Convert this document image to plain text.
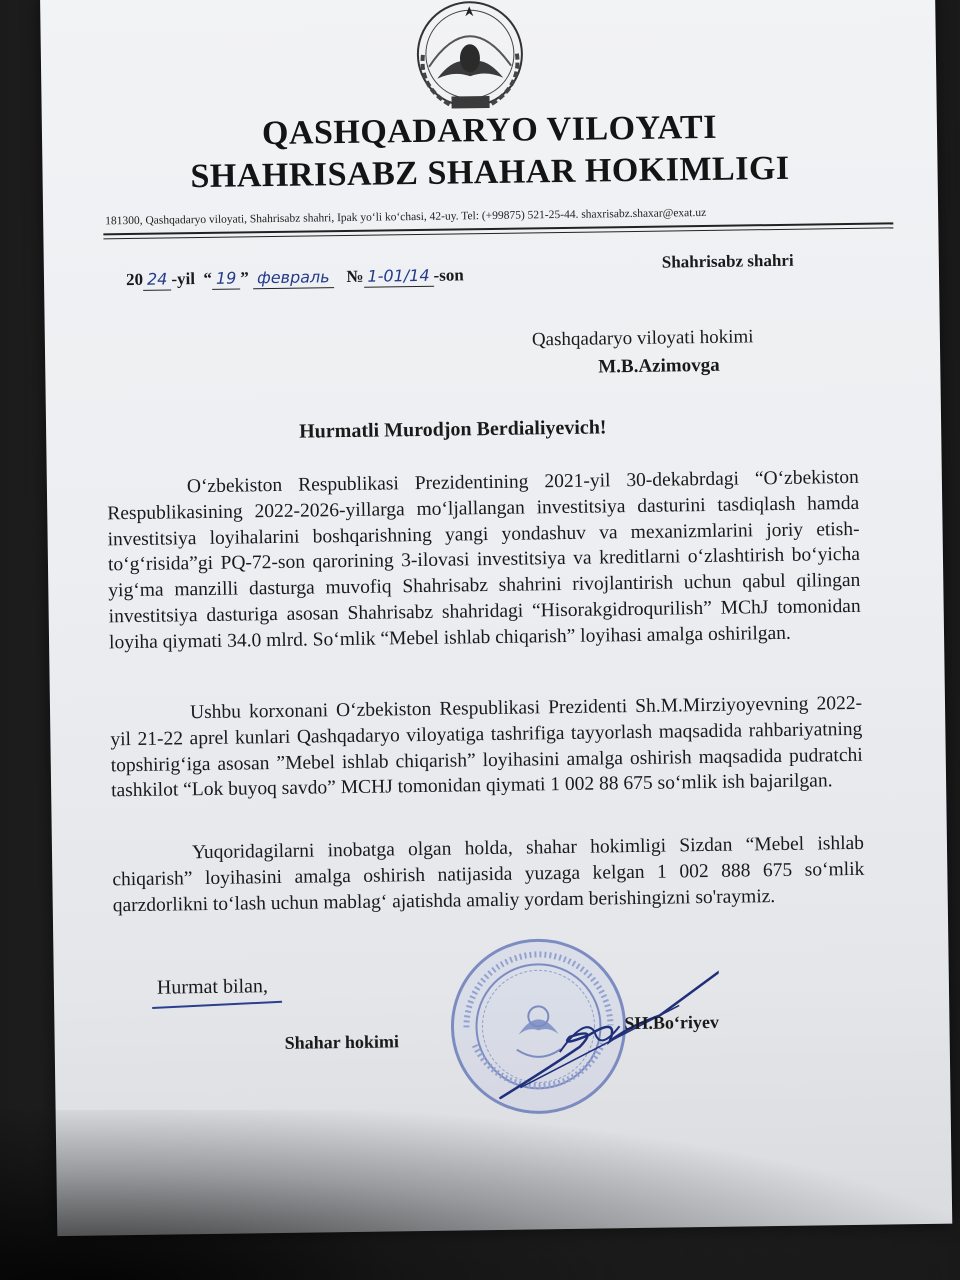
QASHQADARYO VILOYATI
SHAHRISABZ SHAHAR HOKIMLIGI
181300, Qashqadaryo viloyati, Shahrisabz shahri, Ipak yo‘li ko‘chasi, 42-uy. Tel: (+99875) 521-25-44. shaxrisabz.shaxar@exat.uz
20 24 -yil “ 19 ” февраль № 1-01/14 -son
Shahrisabz shahri
Qashqadaryo viloyati hokimi
M.B.Azimovga
Hurmatli Murodjon Berdialiyevich!
O‘zbekiston Respublikasi Prezidentining 2021-yil 30-dekabrdagi “O‘zbekiston Respublikasining 2022-2026-yillarga mo‘ljallangan investitsiya dasturini tasdiqlash hamda investitsiya loyihalarini boshqarishning yangi yondashuv va mexanizmlarini joriy etish-to‘g‘risida”gi PQ-72-son qarorining 3-ilovasi investitsiya va kreditlarni o‘zlashtirish bo‘yicha yig‘ma manzilli dasturga muvofiq Shahrisabz shahrini rivojlantirish uchun qabul qilingan investitsiya dasturiga asosan Shahrisabz shahridagi “Hisorakgidroqurilish” MChJ tomonidan loyiha qiymati 34.0 mlrd. So‘mlik “Mebel ishlab chiqarish” loyihasi amalga oshirilgan.
Ushbu korxonani O‘zbekiston Respublikasi Prezidenti Sh.M.Mirziyoyevning 2022-yil 21-22 aprel kunlari Qashqadaryo viloyatiga tashrifiga tayyorlash maqsadida rahbariyatning topshirig‘iga asosan ”Mebel ishlab chiqarish” loyihasini amalga oshirish maqsadida pudratchi tashkilot “Lok buyoq savdo” MCHJ tomonidan qiymati 1 002 88 675 so‘mlik ish bajarilgan.
Yuqoridagilarni inobatga olgan holda, shahar hokimligi Sizdan “Mebel ishlab chiqarish” loyihasini amalga oshirish natijasida yuzaga kelgan 1 002 888 675 so‘mlik qarzdorlikni to‘lash uchun mablag‘ ajatishda amaliy yordam berishingizni so'raymiz.
Hurmat bilan,
Shahar hokimi
SH.Bo‘riyev
